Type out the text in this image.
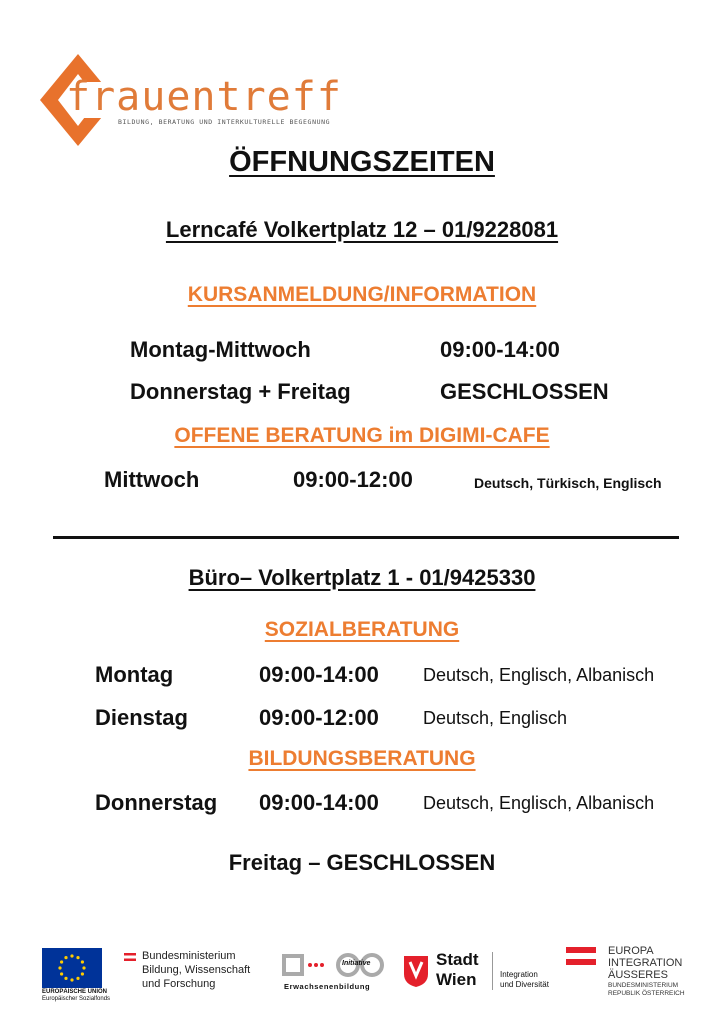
frauentreff
BILDUNG, BERATUNG UND INTERKULTURELLE BEGEGNUNG
ÖFFNUNGSZEITEN
Lerncafé Volkertplatz 12 – 01/9228081
KURSANMELDUNG/INFORMATION
Montag-Mittwoch	09:00-14:00
Donnerstag + Freitag	GESCHLOSSEN
OFFENE BERATUNG im DIGIMI-CAFE
Mittwoch	09:00-12:00	Deutsch, Türkisch, Englisch
Büro– Volkertplatz 1 - 01/9425330
SOZIALBERATUNG
Montag	09:00-14:00 Deutsch, Englisch, Albanisch
Dienstag	09:00-12:00 Deutsch, Englisch
BILDUNGSBERATUNG
Donnerstag 09:00-14:00 Deutsch, Englisch, Albanisch
Freitag – GESCHLOSSEN
EUROPÄISCHE UNION
Europäischer Sozialfonds
Bundesministerium
Bildung, Wissenschaft
und Forschung
Initiative
Erwachsenenbildung
Stadt
Wien	Integration
und Diversität
EUROPA
INTEGRATION
ÄUSSERES
BUNDESMINISTERIUM
REPUBLIK ÖSTERREICH
